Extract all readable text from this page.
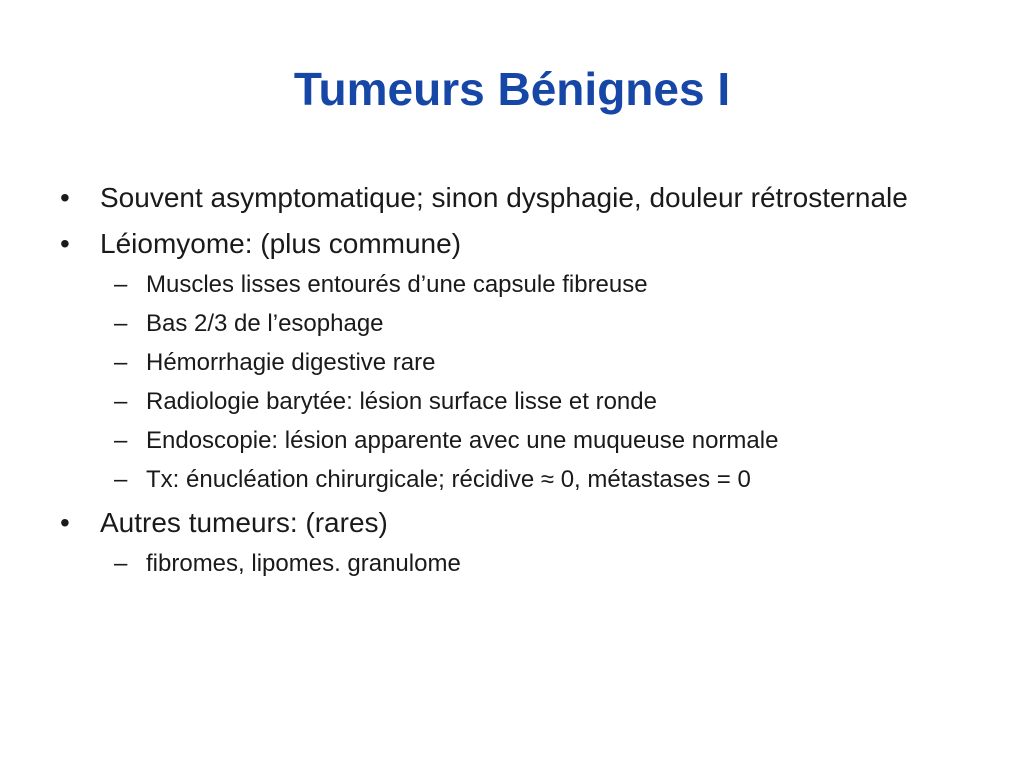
Tumeurs Bénignes I
•	Souvent asymptomatique; sinon dysphagie, douleur rétrosternale
•	Léiomyome: (plus commune)
– Muscles lisses entourés d’une capsule fibreuse
– Bas 2/3 de l’esophage
– Hémorrhagie digestive rare
– Radiologie barytée: lésion surface lisse et ronde
– Endoscopie: lésion apparente avec une muqueuse normale
– Tx: énucléation chirurgicale; récidive ≈ 0, métastases = 0
•	Autres tumeurs: (rares)
– fibromes, lipomes. granulome
